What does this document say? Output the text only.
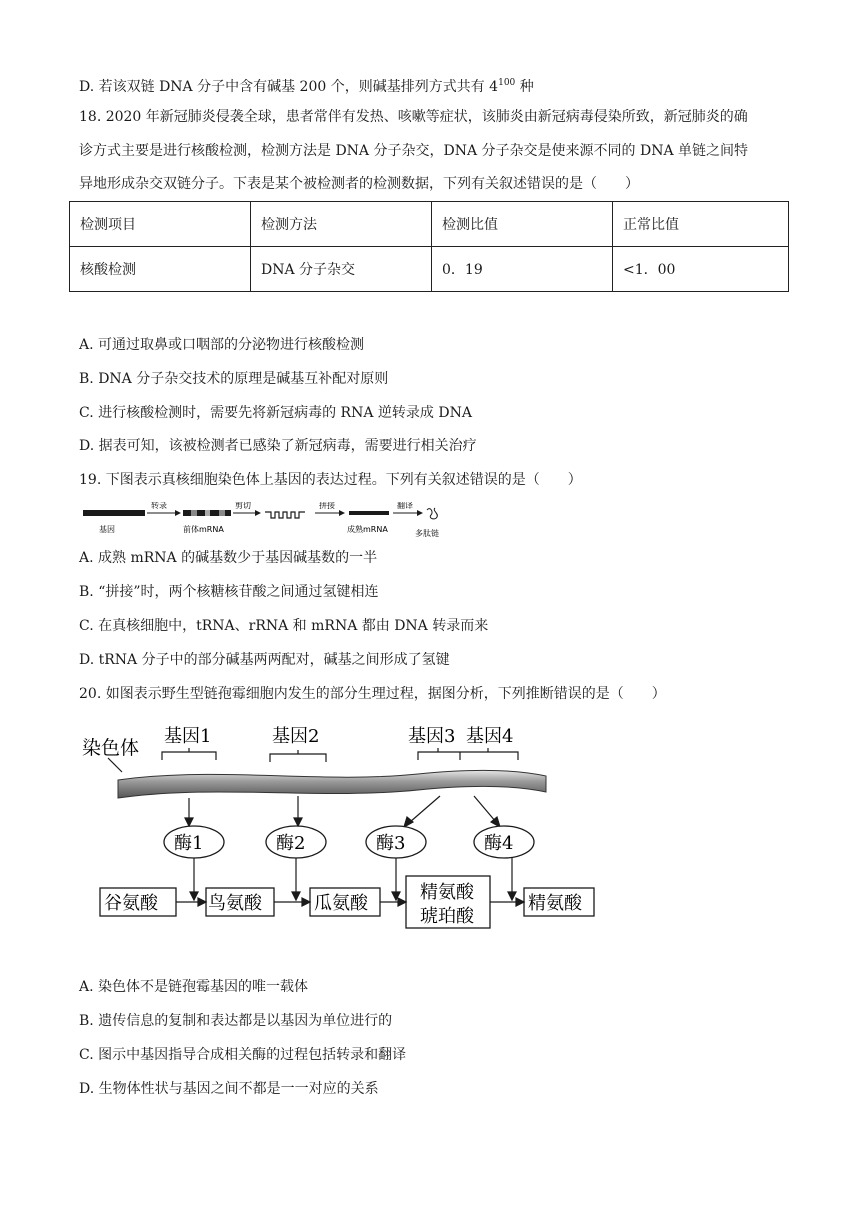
D. 若该双链 DNA 分子中含有碱基 200 个，则碱基排列方式共有 $4^{100}$ 种
18. 2020 年新冠肺炎侵袭全球，患者常伴有发热、咳嗽等症状，该肺炎由新冠病毒侵染所致，新冠肺炎的确
诊方式主要是进行核酸检测，检测方法是 DNA 分子杂交，DNA 分子杂交是使来源不同的 DNA 单链之间特
异地形成杂交双链分子。下表是某个被检测者的检测数据，下列有关叙述错误的是（　　）
检测项目	检测方法	检测比值	正常比值
核酸检测	DNA 分子杂交	0．19	<1．00
A. 可通过取鼻或口咽部的分泌物进行核酸检测
B. DNA 分子杂交技术的原理是碱基互补配对原则
C. 进行核酸检测时，需要先将新冠病毒的 RNA 逆转录成 DNA
D. 据表可知，该被检测者已感染了新冠病毒，需要进行相关治疗
19. 下图表示真核细胞染色体上基因的表达过程。下列有关叙述错误的是（　　）
基因
转录
前体mRNA
剪切	拼接
成熟mRNA
翻译
多肽链
A. 成熟 mRNA 的碱基数少于基因碱基数的一半
B. “拼接”时，两个核糖核苷酸之间通过氢键相连
C. 在真核细胞中，tRNA、rRNA 和 mRNA 都由 DNA 转录而来
D. tRNA 分子中的部分碱基两两配对，碱基之间形成了氢键
20. 如图表示野生型链孢霉细胞内发生的部分生理过程，据图分析，下列推断错误的是（　　）
染色体
基因1	基因2	基因3 基因4
酶1	酶2	酶3	酶4
谷氨酸	鸟氨酸	瓜氨酸
精氨酸
琥珀酸
精氨酸
A. 染色体不是链孢霉基因的唯一载体
B. 遗传信息的复制和表达都是以基因为单位进行的
C. 图示中基因指导合成相关酶的过程包括转录和翻译
D. 生物体性状与基因之间不都是一一对应的关系
